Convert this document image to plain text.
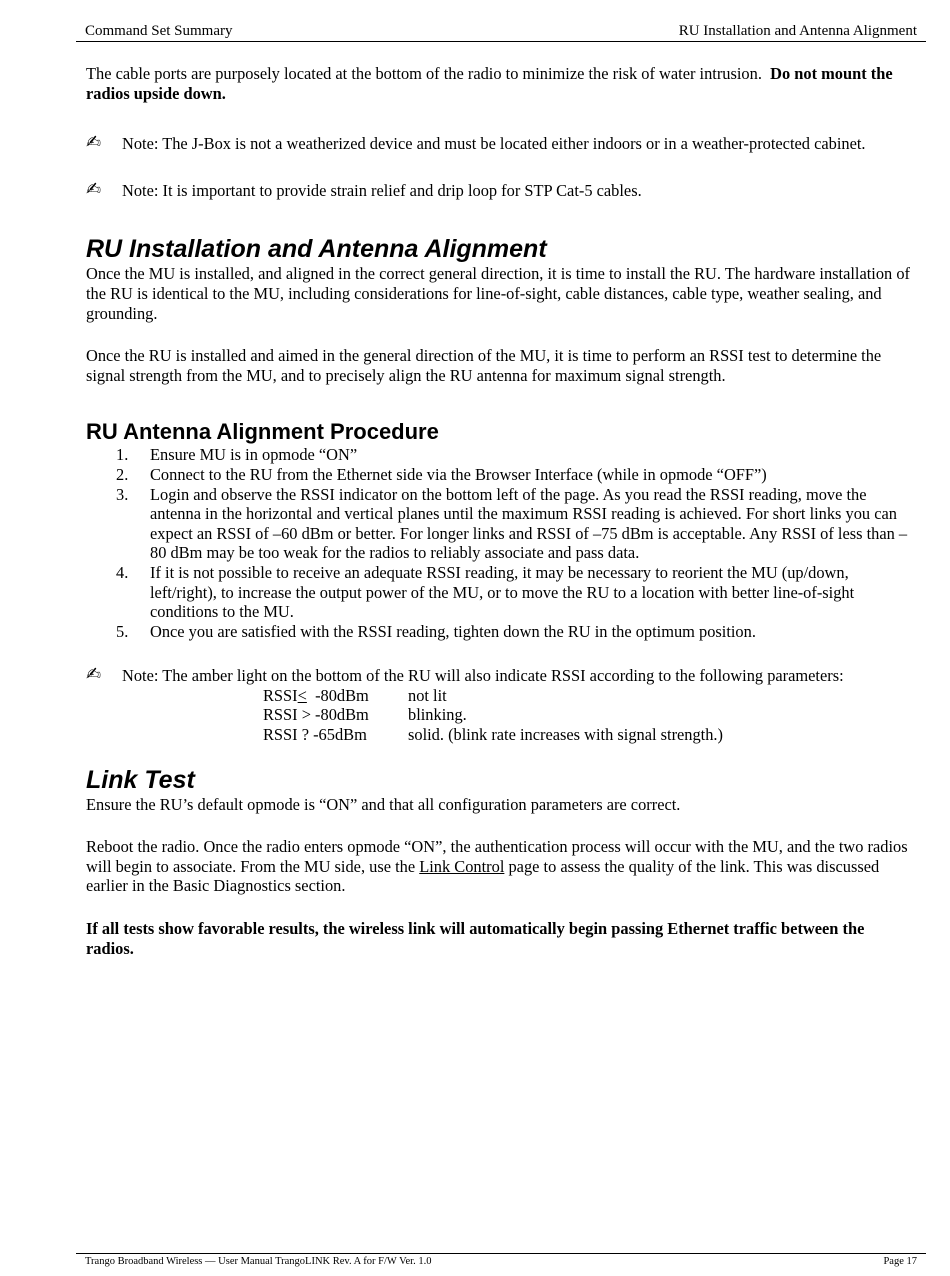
Command Set Summary	RU Installation and Antenna Alignment

The cable ports are purposely located at the bottom of the radio to minimize the risk of water intrusion. Do not mount the radios upside down.

✍ Note: The J-Box is not a weatherized device and must be located either indoors or in a weather-protected cabinet.
✍ Note: It is important to provide strain relief and drip loop for STP Cat-5 cables.
RU Installation and Antenna Alignment

Once the MU is installed, and aligned in the correct general direction, it is time to install the RU. The hardware installation of the RU is identical to the MU, including considerations for line-of-sight, cable distances, cable type, weather sealing, and grounding.

Once the RU is installed and aimed in the general direction of the MU, it is time to perform an RSSI test to determine the signal strength from the MU, and to precisely align the RU antenna for maximum signal strength.

RU Antenna Alignment Procedure
1. Ensure MU is in opmode “ON”
2. Connect to the RU from the Ethernet side via the Browser Interface (while in opmode “OFF”)
3. Login and observe the RSSI indicator on the bottom left of the page. As you read the RSSI reading, move the antenna in the horizontal and vertical planes until the maximum RSSI reading is achieved. For short links you can expect an RSSI of –60 dBm or better. For longer links and RSSI of –75 dBm is acceptable. Any RSSI of less than –80 dBm may be too weak for the radios to reliably associate and pass data.
4. If it is not possible to receive an adequate RSSI reading, it may be necessary to reorient the MU (up/down, left/right), to increase the output power of the MU, or to move the RU to a location with better line-of-sight conditions to the MU.
5. Once you are satisfied with the RSSI reading, tighten down the RU in the optimum position.
✍ Note: The amber light on the bottom of the RU will also indicate RSSI according to the following parameters:
RSSI<  -80dBm	not lit
RSSI > -80dBm	blinking.
RSSI ? -65dBm	solid. (blink rate increases with signal strength.)
Link Test

Ensure the RU’s default opmode is “ON” and that all configuration parameters are correct.

Reboot the radio. Once the radio enters opmode “ON”, the authentication process will occur with the MU, and the two radios will begin to associate. From the MU side, use the Link Control page to assess the quality of the link. This was discussed earlier in the Basic Diagnostics section.

If all tests show favorable results, the wireless link will automatically begin passing Ethernet traffic between the radios.

Trango Broadband Wireless — User Manual TrangoLINK Rev. A for F/W Ver. 1.0	Page 17
